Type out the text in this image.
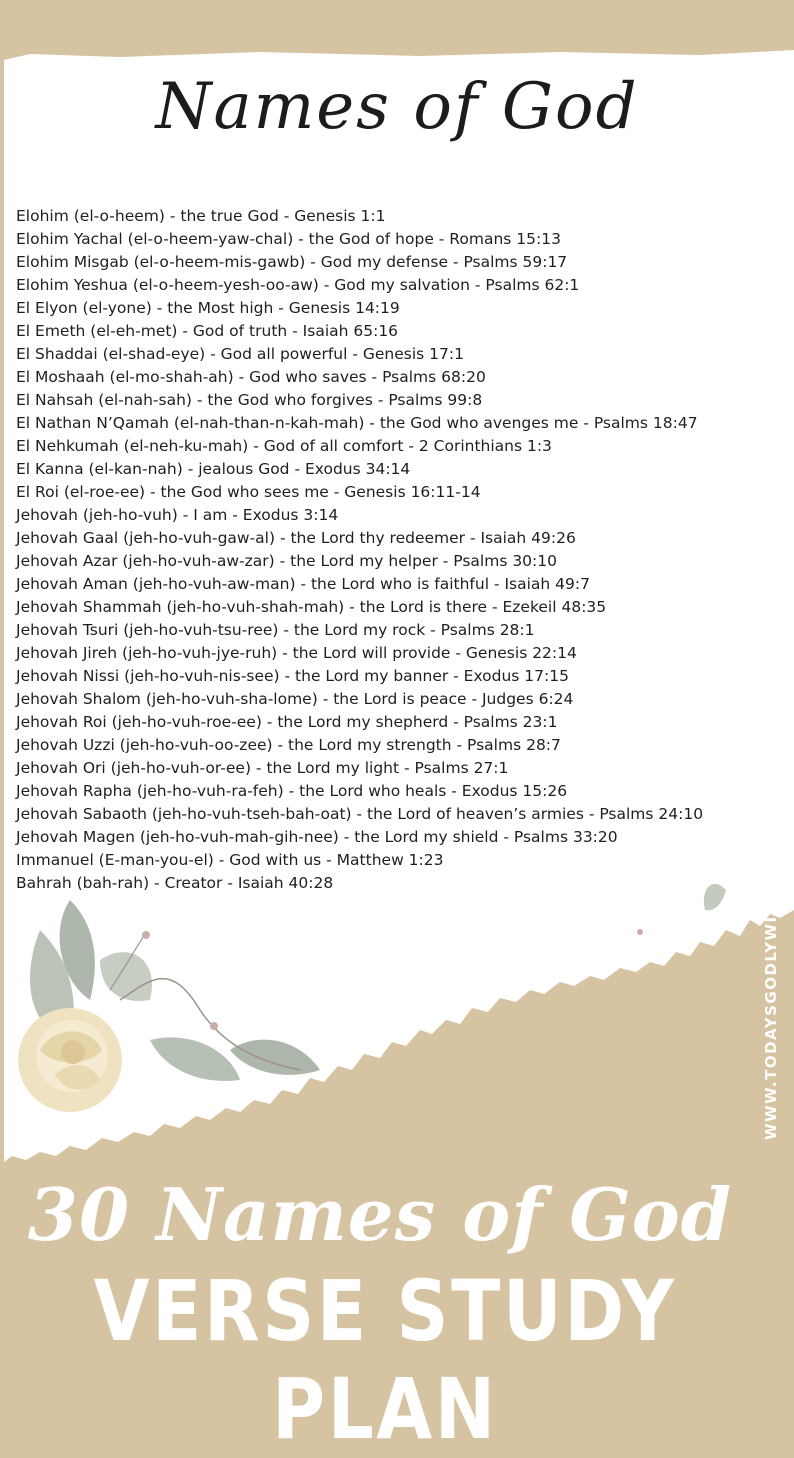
Names of God
Elohim (el-o-heem) - the true God - Genesis 1:1
Elohim Yachal (el-o-heem-yaw-chal) - the God of hope - Romans 15:13
Elohim Misgab (el-o-heem-mis-gawb) - God my defense - Psalms 59:17
Elohim Yeshua (el-o-heem-yesh-oo-aw) - God my salvation - Psalms 62:1
El Elyon (el-yone) - the Most high - Genesis 14:19
El Emeth (el-eh-met) - God of truth - Isaiah 65:16
El Shaddai (el-shad-eye) - God all powerful - Genesis 17:1
El Moshaah (el-mo-shah-ah) - God who saves - Psalms 68:20
El Nahsah (el-nah-sah) - the God who forgives - Psalms 99:8
El Nathan N’Qamah (el-nah-than-n-kah-mah) - the God who avenges me - Psalms 18:47
El Nehkumah (el-neh-ku-mah) - God of all comfort - 2 Corinthians 1:3
El Kanna (el-kan-nah) - jealous God - Exodus 34:14
El Roi (el-roe-ee) - the God who sees me - Genesis 16:11-14
Jehovah (jeh-ho-vuh) - I am - Exodus 3:14
Jehovah Gaal (jeh-ho-vuh-gaw-al) - the Lord thy redeemer - Isaiah 49:26
Jehovah Azar (jeh-ho-vuh-aw-zar) - the Lord my helper - Psalms 30:10
Jehovah Aman (jeh-ho-vuh-aw-man) - the Lord who is faithful - Isaiah 49:7
Jehovah Shammah (jeh-ho-vuh-shah-mah) - the Lord is there - Ezekeil 48:35
Jehovah Tsuri (jeh-ho-vuh-tsu-ree) - the Lord my rock - Psalms 28:1
Jehovah Jireh (jeh-ho-vuh-jye-ruh) - the Lord will provide - Genesis 22:14
Jehovah Nissi (jeh-ho-vuh-nis-see) - the Lord my banner - Exodus 17:15
Jehovah Shalom (jeh-ho-vuh-sha-lome) - the Lord is peace - Judges 6:24
Jehovah Roi (jeh-ho-vuh-roe-ee) - the Lord my shepherd - Psalms 23:1
Jehovah Uzzi (jeh-ho-vuh-oo-zee) - the Lord my strength - Psalms 28:7
Jehovah Ori (jeh-ho-vuh-or-ee) - the Lord my light - Psalms 27:1
Jehovah Rapha (jeh-ho-vuh-ra-feh) - the Lord who heals - Exodus 15:26
Jehovah Sabaoth (jeh-ho-vuh-tseh-bah-oat) - the Lord of heaven’s armies - Psalms 24:10
Jehovah Magen (jeh-ho-vuh-mah-gih-nee) - the Lord my shield - Psalms 33:20
Immanuel (E-man-you-el) - God with us - Matthew 1:23
Bahrah (bah-rah) - Creator - Isaiah 40:28
30 Names of God
VERSE STUDY PLAN
WWW.TODAYSGODLYWISDOM.ETSY.COM
